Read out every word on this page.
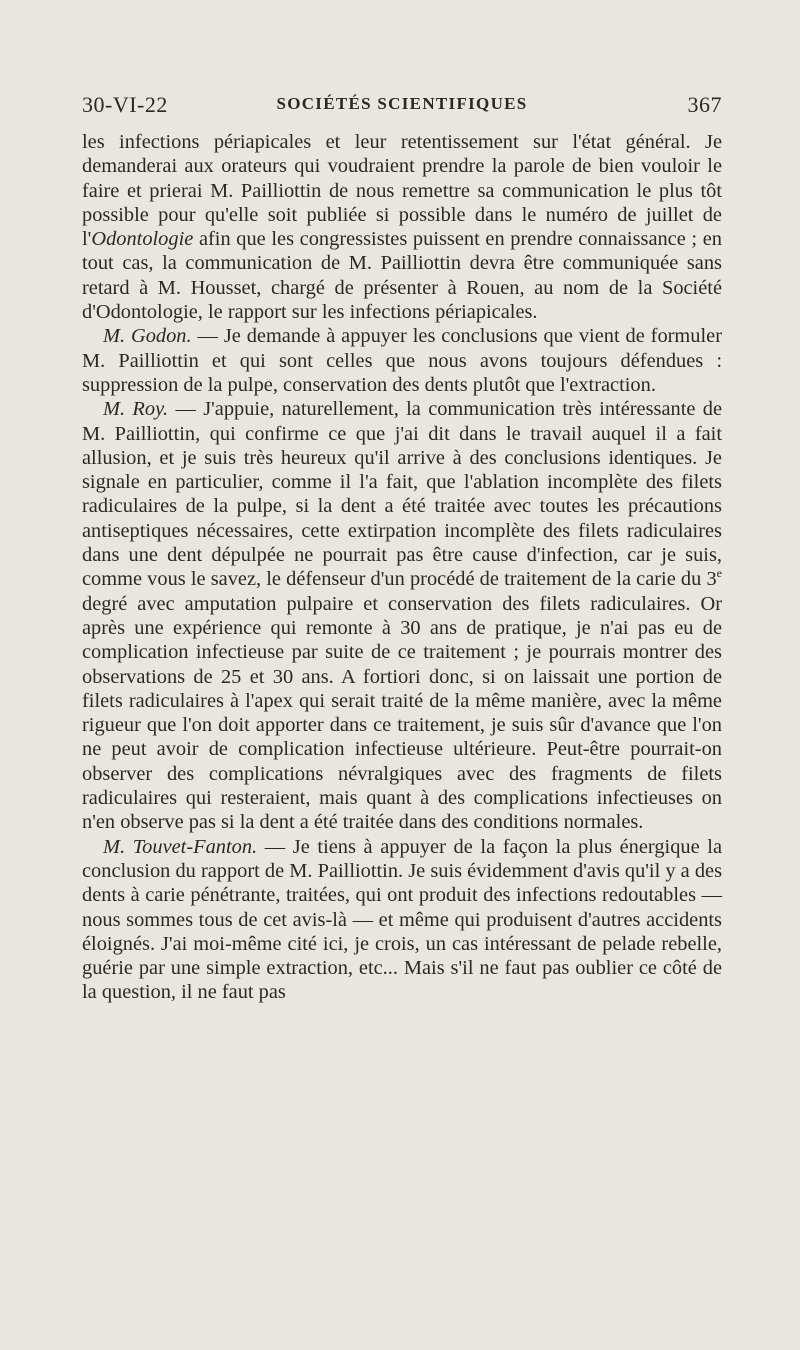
30-VI-22	SOCIÉTÉS SCIENTIFIQUES	367

les infections périapicales et leur retentissement sur l'état général. Je demanderai aux orateurs qui voudraient prendre la parole de bien vouloir le faire et prierai M. Pailliottin de nous remettre sa communication le plus tôt possible pour qu'elle soit publiée si possible dans le numéro de juillet de l'Odontologie afin que les congressistes puissent en prendre connaissance ; en tout cas, la communication de M. Pailliottin devra être communiquée sans retard à M. Housset, chargé de présenter à Rouen, au nom de la Société d'Odontologie, le rapport sur les infections périapicales.

M. Godon. — Je demande à appuyer les conclusions que vient de formuler M. Pailliottin et qui sont celles que nous avons toujours défendues : suppression de la pulpe, conservation des dents plutôt que l'extraction.

M. Roy. — J'appuie, naturellement, la communication très intéressante de M. Pailliottin, qui confirme ce que j'ai dit dans le travail auquel il a fait allusion, et je suis très heureux qu'il arrive à des conclusions identiques. Je signale en particulier, comme il l'a fait, que l'ablation incomplète des filets radiculaires de la pulpe, si la dent a été traitée avec toutes les précautions antiseptiques nécessaires, cette extirpation incomplète des filets radiculaires dans une dent dépulpée ne pourrait pas être cause d'infection, car je suis, comme vous le savez, le défenseur d'un procédé de traitement de la carie du 3e degré avec amputation pulpaire et conservation des filets radiculaires. Or après une expérience qui remonte à 30 ans de pratique, je n'ai pas eu de complication infectieuse par suite de ce traitement ; je pourrais montrer des observations de 25 et 30 ans. A fortiori donc, si on laissait une portion de filets radiculaires à l'apex qui serait traité de la même manière, avec la même rigueur que l'on doit apporter dans ce traitement, je suis sûr d'avance que l'on ne peut avoir de complication infectieuse ultérieure. Peut-être pourrait-on observer des complications névralgiques avec des fragments de filets radiculaires qui resteraient, mais quant à des complications infectieuses on n'en observe pas si la dent a été traitée dans des conditions normales.

M. Touvet-Fanton. — Je tiens à appuyer de la façon la plus énergique la conclusion du rapport de M. Pailliottin. Je suis évidemment d'avis qu'il y a des dents à carie pénétrante, traitées, qui ont produit des infections redoutables — nous sommes tous de cet avis-là — et même qui produisent d'autres accidents éloignés. J'ai moi-même cité ici, je crois, un cas intéressant de pelade rebelle, guérie par une simple extraction, etc... Mais s'il ne faut pas oublier ce côté de la question, il ne faut pas
